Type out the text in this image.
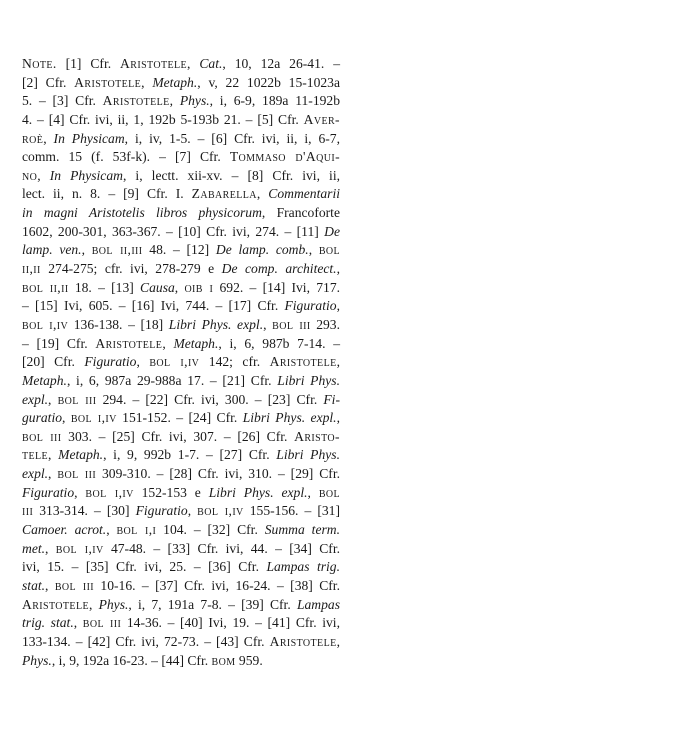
Note. [1] Cfr. Aristotele, Cat., 10, 12a 26-41. –
[2] Cfr. Aristotele, Metaph., v, 22 1022b 15-1023a
5. – [3] Cfr. Aristotele, Phys., i, 6-9, 189a 11-192b
4. – [4] Cfr. ivi, ii, 1, 192b 5-193b 21. – [5] Cfr. Aver-
roè, In Physicam, i, iv, 1-5. – [6] Cfr. ivi, ii, i, 6-7,
comm. 15 (f. 53f-k). – [7] Cfr. Tommaso d'Aqui-
no, In Physicam, i, lectt. xii-xv. – [8] Cfr. ivi, ii,
lect. ii, n. 8. – [9] Cfr. I. Zabarella, Commentarii
in magni Aristotelis libros physicorum, Francoforte
1602, 200-301, 363-367. – [10] Cfr. ivi, 274. – [11] De
lamp. ven., bol ii,iii 48. – [12] De lamp. comb., bol
ii,ii 274-275; cfr. ivi, 278-279 e De comp. architect.,
bol ii,ii 18. – [13] Causa, oib i 692. – [14] Ivi, 717.
– [15] Ivi, 605. – [16] Ivi, 744. – [17] Cfr. Figuratio,
bol i,iv 136-138. – [18] Libri Phys. expl., bol iii 293.
– [19] Cfr. Aristotele, Metaph., i, 6, 987b 7-14. –
[20] Cfr. Figuratio, bol i,iv 142; cfr. Aristotele,
Metaph., i, 6, 987a 29-988a 17. – [21] Cfr. Libri Phys.
expl., bol iii 294. – [22] Cfr. ivi, 300. – [23] Cfr. Fi-
guratio, bol i,iv 151-152. – [24] Cfr. Libri Phys. expl.,
bol iii 303. – [25] Cfr. ivi, 307. – [26] Cfr. Aristo-
tele, Metaph., i, 9, 992b 1-7. – [27] Cfr. Libri Phys.
expl., bol iii 309-310. – [28] Cfr. ivi, 310. – [29] Cfr.
Figuratio, bol i,iv 152-153 e Libri Phys. expl., bol
iii 313-314. – [30] Figuratio, bol i,iv 155-156. – [31]
Camoer. acrot., bol i,i 104. – [32] Cfr. Summa term.
met., bol i,iv 47-48. – [33] Cfr. ivi, 44. – [34] Cfr.
ivi, 15. – [35] Cfr. ivi, 25. – [36] Cfr. Lampas trig.
stat., bol iii 10-16. – [37] Cfr. ivi, 16-24. – [38] Cfr.
Aristotele, Phys., i, 7, 191a 7-8. – [39] Cfr. Lampas
trig. stat., bol iii 14-36. – [40] Ivi, 19. – [41] Cfr. ivi,
133-134. – [42] Cfr. ivi, 72-73. – [43] Cfr. Aristotele,
Phys., i, 9, 192a 16-23. – [44] Cfr. bom 959.
